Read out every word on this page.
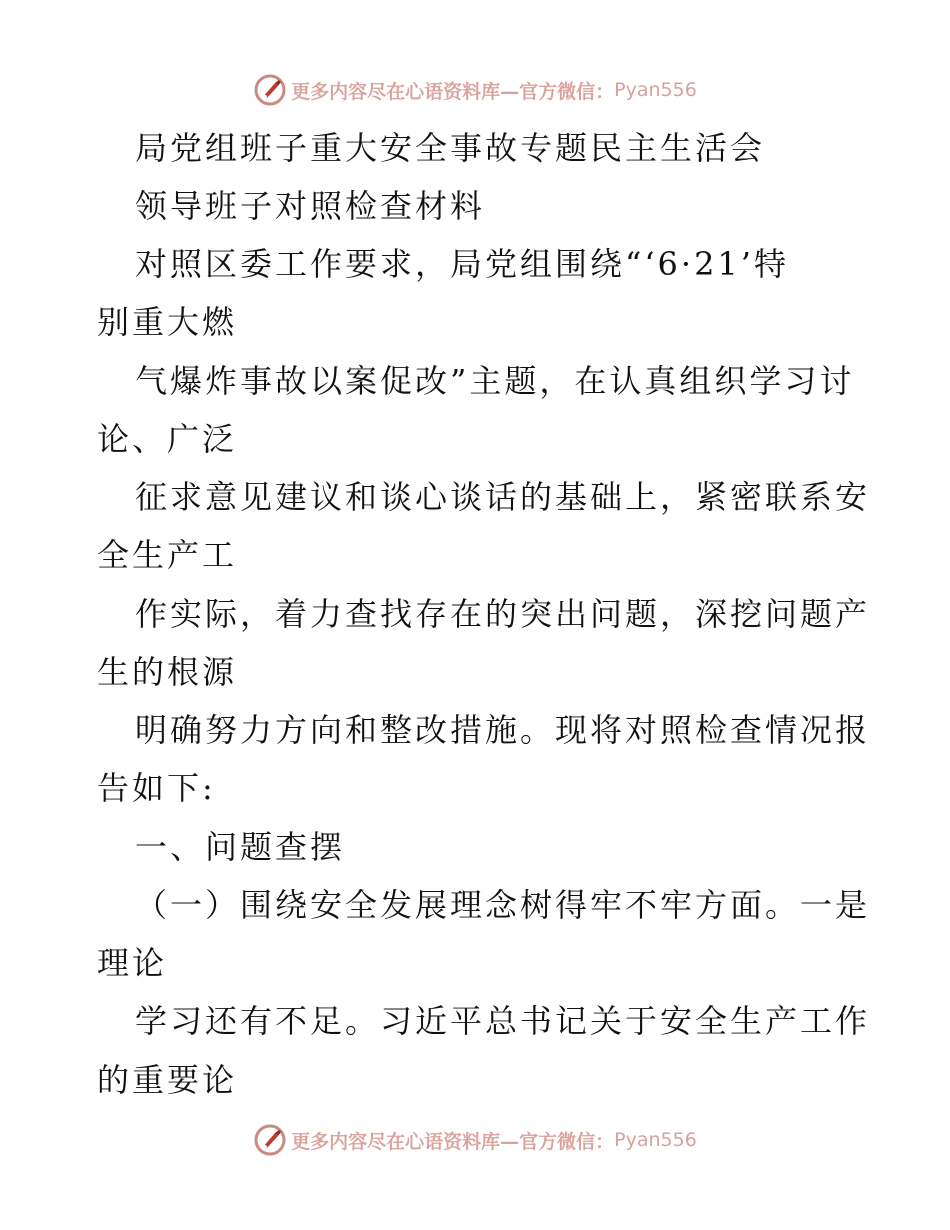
更多内容尽在心语资料库—官方微信： Pyan556
局党组班子重大安全事故专题民主生活会
领导班子对照检查材料
对照区委工作要求，局党组围绕“‘6·21’特
别重大燃
气爆炸事故以案促改”主题，在认真组织学习讨
论、广泛
征求意见建议和谈心谈话的基础上，紧密联系安
全生产工
作实际，着力查找存在的突出问题，深挖问题产
生的根源
明确努力方向和整改措施。现将对照检查情况报
告如下:
一、问题查摆
（一）围绕安全发展理念树得牢不牢方面。一是
理论
学习还有不足。习近平总书记关于安全生产工作
的重要论
更多内容尽在心语资料库—官方微信： Pyan556
